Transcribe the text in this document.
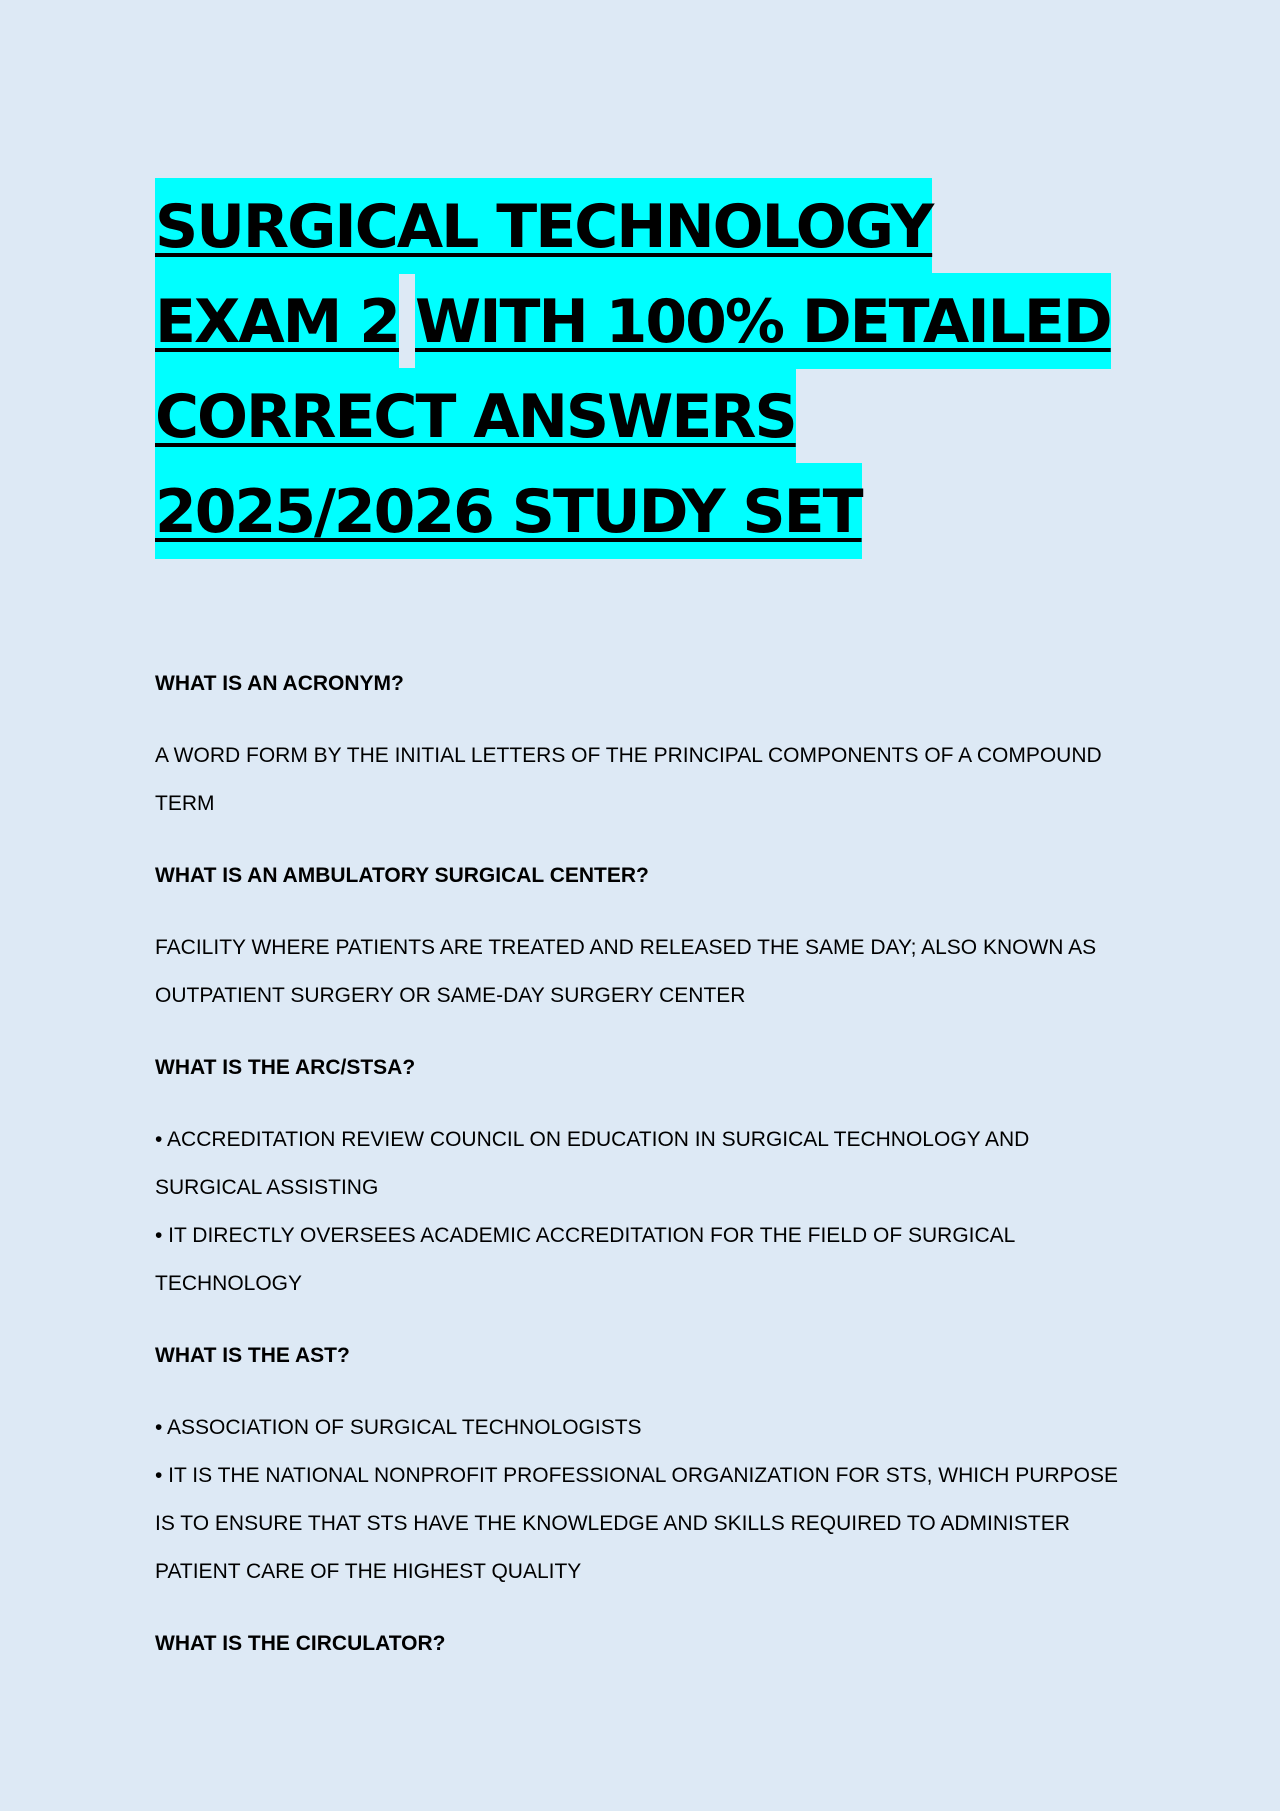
SURGICAL TECHNOLOGY
EXAM 2 WITH 100% DETAILED
CORRECT ANSWERS
2025/2026 STUDY SET

WHAT IS AN ACRONYM?

A WORD FORM BY THE INITIAL LETTERS OF THE PRINCIPAL COMPONENTS OF A COMPOUND

TERM

WHAT IS AN AMBULATORY SURGICAL CENTER?

FACILITY WHERE PATIENTS ARE TREATED AND RELEASED THE SAME DAY; ALSO KNOWN AS

OUTPATIENT SURGERY OR SAME-DAY SURGERY CENTER

WHAT IS THE ARC/STSA?

• ACCREDITATION REVIEW COUNCIL ON EDUCATION IN SURGICAL TECHNOLOGY AND

SURGICAL ASSISTING

• IT DIRECTLY OVERSEES ACADEMIC ACCREDITATION FOR THE FIELD OF SURGICAL

TECHNOLOGY

WHAT IS THE AST?

• ASSOCIATION OF SURGICAL TECHNOLOGISTS

• IT IS THE NATIONAL NONPROFIT PROFESSIONAL ORGANIZATION FOR STS, WHICH PURPOSE

IS TO ENSURE THAT STS HAVE THE KNOWLEDGE AND SKILLS REQUIRED TO ADMINISTER

PATIENT CARE OF THE HIGHEST QUALITY

WHAT IS THE CIRCULATOR?
